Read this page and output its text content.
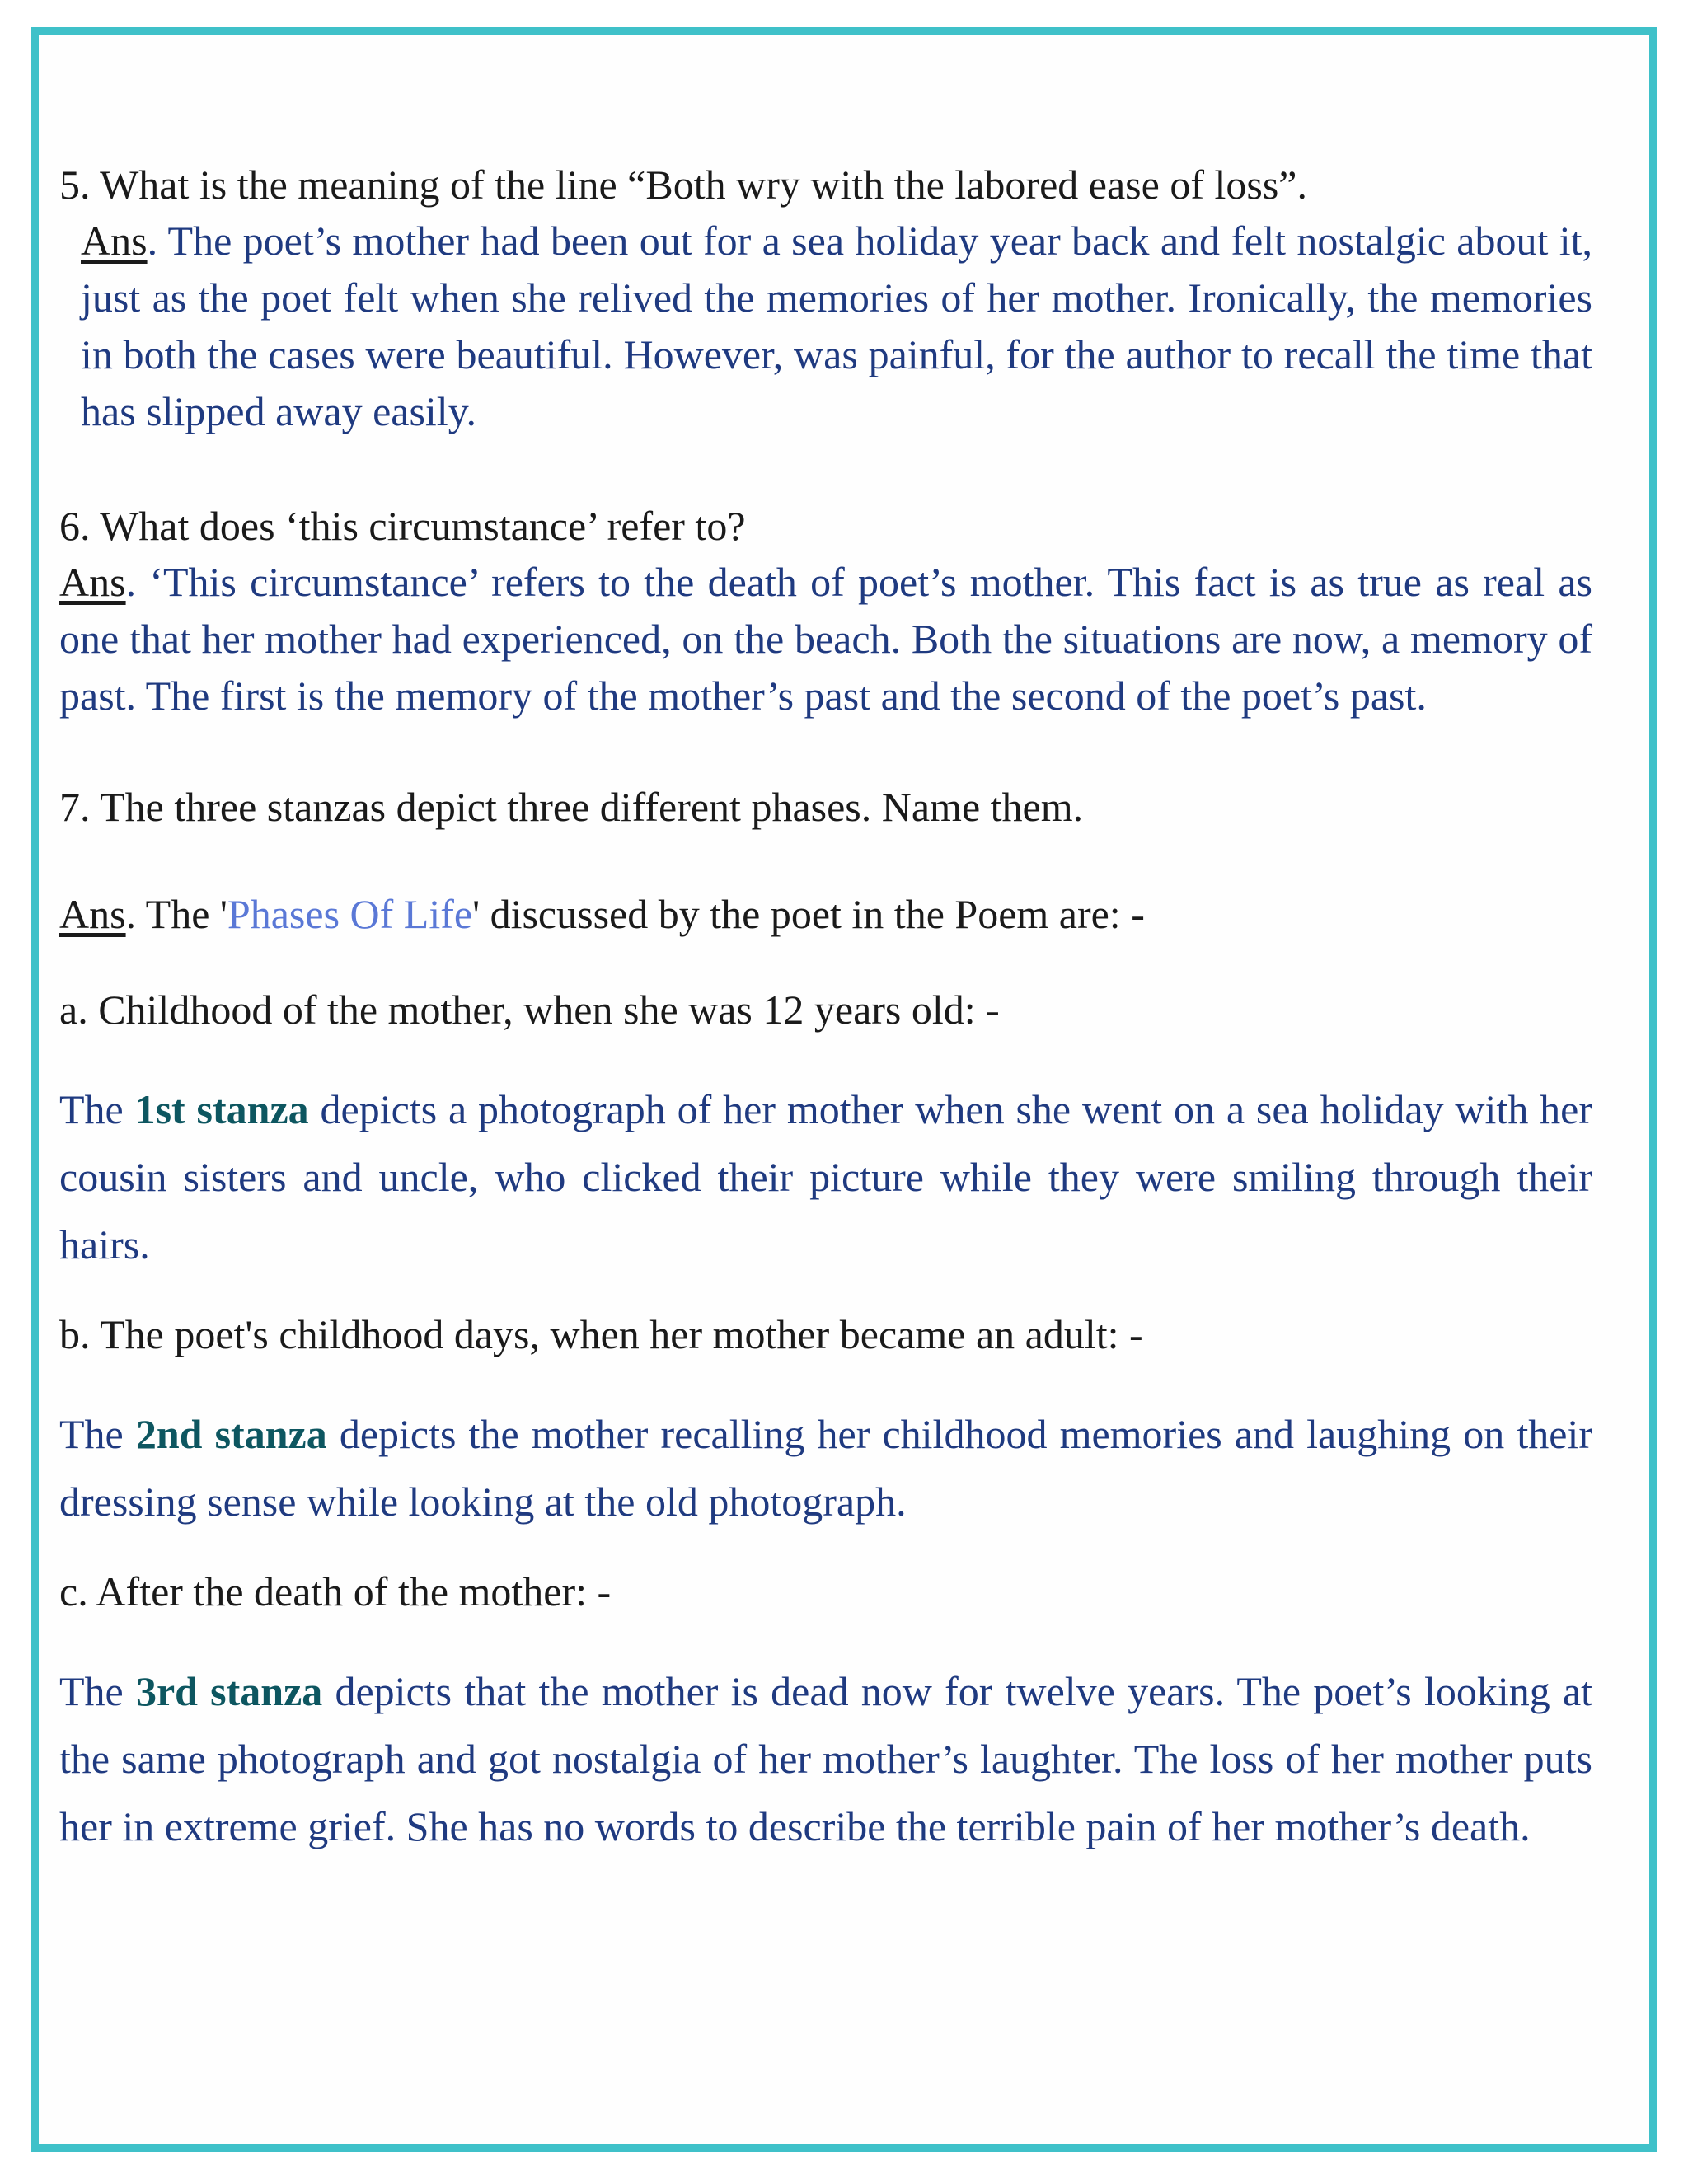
5. What is the meaning of the line “Both wry with the labored ease of loss”.

Ans. The poet’s mother had been out for a sea holiday year back and felt nostalgic about it, just as the poet felt when she relived the memories of her mother. Ironically, the memories in both the cases were beautiful. However, was painful, for the author to recall the time that has slipped away easily.

6. What does ‘this circumstance’ refer to?

Ans. ‘This circumstance’ refers to the death of poet’s mother. This fact is as true as real as one that her mother had experienced, on the beach. Both the situations are now, a memory of past. The first is the memory of the mother’s past and the second of the poet’s past.

7. The three stanzas depict three different phases. Name them.

Ans. The 'Phases Of Life' discussed by the poet in the Poem are: -

a. Childhood of the mother, when she was 12 years old: -

The 1st stanza depicts a photograph of her mother when she went on a sea holiday with her cousin sisters and uncle, who clicked their picture while they were smiling through their hairs.

b. The poet's childhood days, when her mother became an adult: -

The 2nd stanza depicts the mother recalling her childhood memories and laughing on their dressing sense while looking at the old photograph.

c. After the death of the mother: -

The 3rd stanza depicts that the mother is dead now for twelve years. The poet’s looking at the same photograph and got nostalgia of her mother’s laughter. The loss of her mother puts her in extreme grief. She has no words to describe the terrible pain of her mother’s death.
